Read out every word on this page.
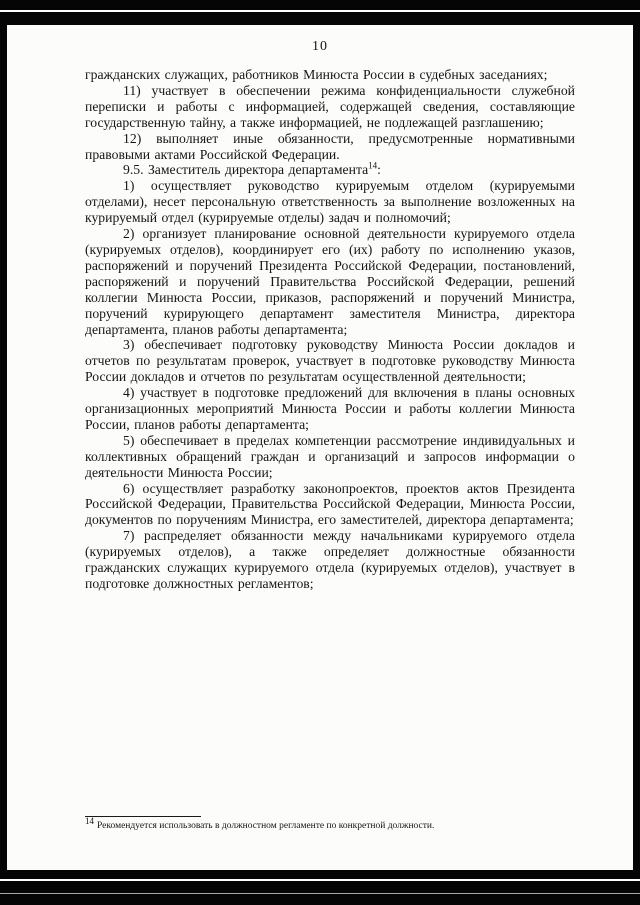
10

гражданских служащих, работников Минюста России в судебных заседаниях;

11) участвует в обеспечении режима конфиденциальности служебной переписки и работы с информацией, содержащей сведения, составляющие государственную тайну, а также информацией, не подлежащей разглашению;

12) выполняет иные обязанности, предусмотренные нормативными правовыми актами Российской Федерации.

9.5. Заместитель директора департамента$^{14}$:

1) осуществляет руководство курируемым отделом (курируемыми отделами), несет персональную ответственность за выполнение возложенных на курируемый отдел (курируемые отделы) задач и полномочий;

2) организует планирование основной деятельности курируемого отдела (курируемых отделов), координирует его (их) работу по исполнению указов, распоряжений и поручений Президента Российской Федерации, постановлений, распоряжений и поручений Правительства Российской Федерации, решений коллегии Минюста России, приказов, распоряжений и поручений Министра, поручений курирующего департамент заместителя Министра, директора департамента, планов работы департамента;

3) обеспечивает подготовку руководству Минюста России докладов и отчетов по результатам проверок, участвует в подготовке руководству Минюста России докладов и отчетов по результатам осуществленной деятельности;

4) участвует в подготовке предложений для включения в планы основных организационных мероприятий Минюста России и работы коллегии Минюста России, планов работы департамента;

5) обеспечивает в пределах компетенции рассмотрение индивидуальных и коллективных обращений граждан и организаций и запросов информации о деятельности Минюста России;

6) осуществляет разработку законопроектов, проектов актов Президента Российской Федерации, Правительства Российской Федерации, Минюста России, документов по поручениям Министра, его заместителей, директора департамента;

7) распределяет обязанности между начальниками курируемого отдела (курируемых отделов), а также определяет должностные обязанности гражданских служащих курируемого отдела (курируемых отделов), участвует в подготовке должностных регламентов;

$^{14}$Рекомендуется использовать в должностном регламенте по конкретной должности.
